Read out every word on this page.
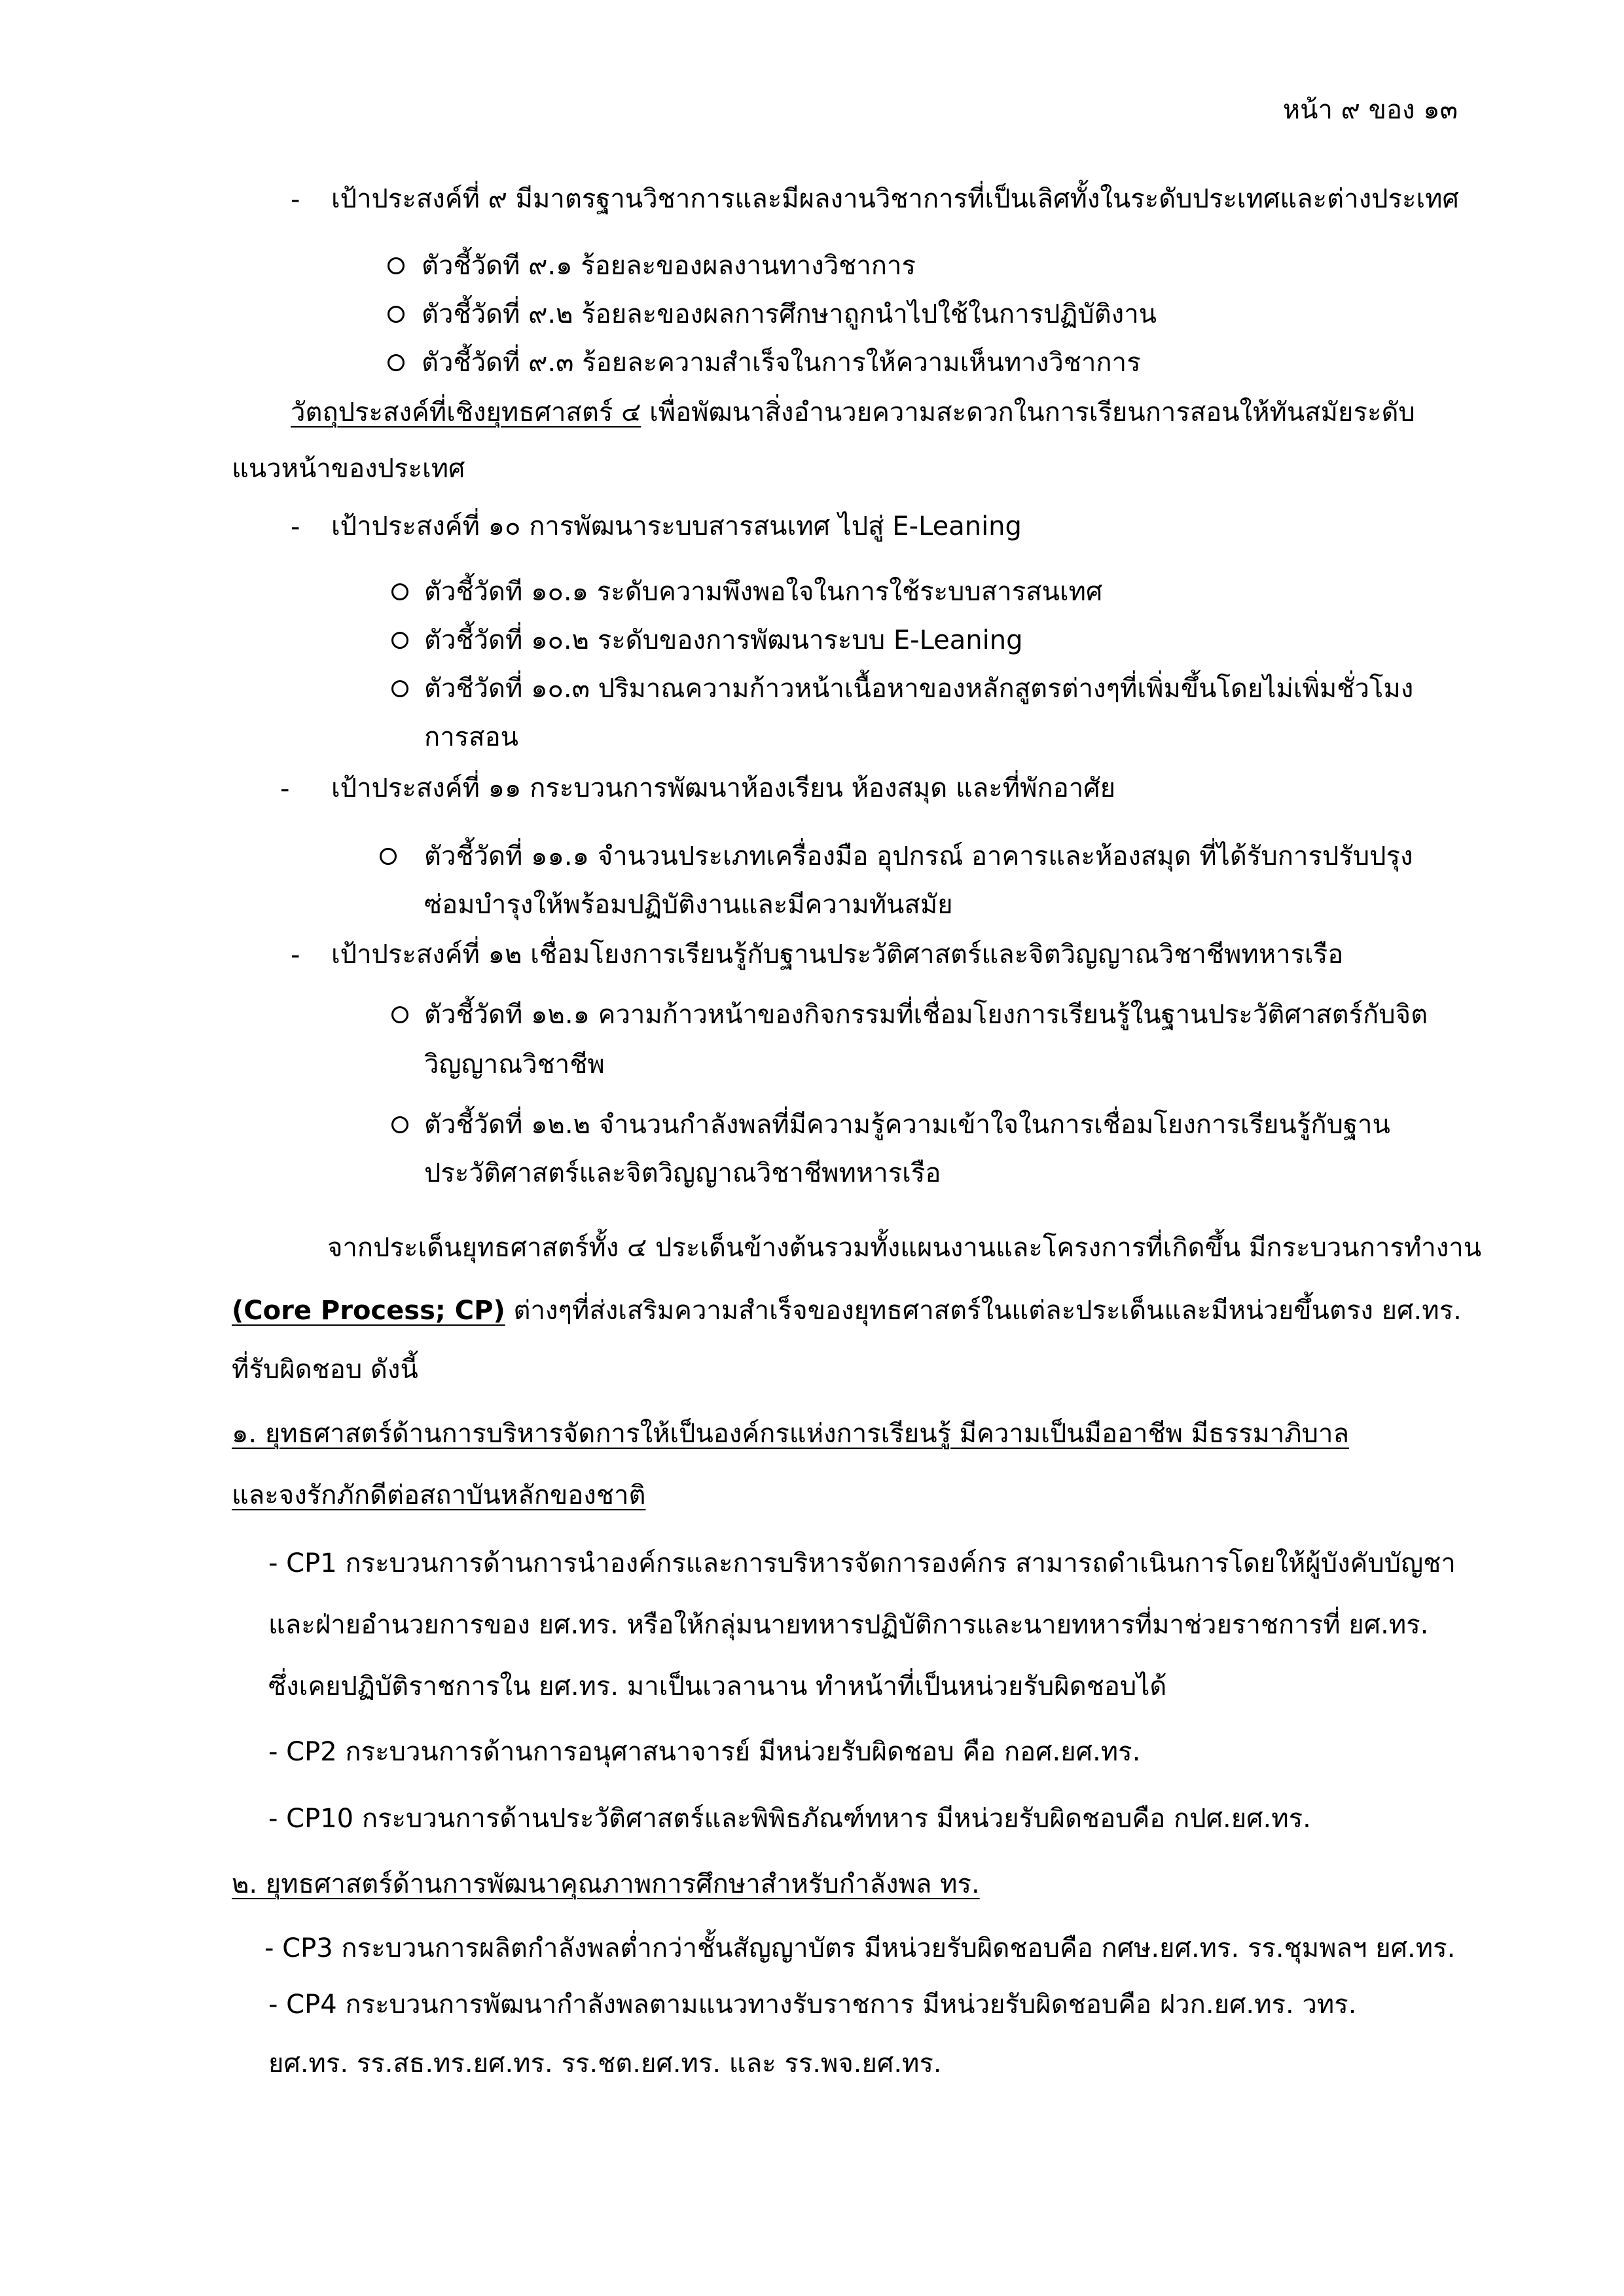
หน้า ๙ ของ ๑๓
- เป้าประสงค์ที่ ๙ มีมาตรฐานวิชาการและมีผลงานวิชาการที่เป็นเลิศทั้งในระดับประเทศและต่างประเทศ
ตัวชี้วัดที ๙.๑ ร้อยละของผลงานทางวิชาการ
ตัวชี้วัดที่ ๙.๒ ร้อยละของผลการศึกษาถูกนำไปใช้ในการปฏิบัติงาน
ตัวชี้วัดที่ ๙.๓ ร้อยละความสำเร็จในการให้ความเห็นทางวิชาการ
วัตถุประสงค์ที่เชิงยุทธศาสตร์ ๔ เพื่อพัฒนาสิ่งอำนวยความสะดวกในการเรียนการสอนให้ทันสมัยระดับ
แนวหน้าของประเทศ
- เป้าประสงค์ที่ ๑๐ การพัฒนาระบบสารสนเทศ ไปสู่ E-Leaning
ตัวชี้วัดที ๑๐.๑ ระดับความพึงพอใจในการใช้ระบบสารสนเทศ
ตัวชี้วัดที่ ๑๐.๒ ระดับของการพัฒนาระบบ E-Leaning
ตัวชีวัดที่ ๑๐.๓ ปริมาณความก้าวหน้าเนื้อหาของหลักสูตรต่างๆที่เพิ่มขึ้นโดยไม่เพิ่มชั่วโมง
การสอน
- เป้าประสงค์ที่ ๑๑ กระบวนการพัฒนาห้องเรียน ห้องสมุด และที่พักอาศัย
ตัวชี้วัดที่ ๑๑.๑ จำนวนประเภทเครื่องมือ อุปกรณ์ อาคารและห้องสมุด ที่ได้รับการปรับปรุง
ซ่อมบำรุงให้พร้อมปฏิบัติงานและมีความทันสมัย
- เป้าประสงค์ที่ ๑๒ เชื่อมโยงการเรียนรู้กับฐานประวัติศาสตร์และจิตวิญญาณวิชาชีพทหารเรือ
ตัวชี้วัดที ๑๒.๑ ความก้าวหน้าของกิจกรรมที่เชื่อมโยงการเรียนรู้ในฐานประวัติศาสตร์กับจิต
วิญญาณวิชาชีพ
ตัวชี้วัดที่ ๑๒.๒ จำนวนกำลังพลที่มีความรู้ความเข้าใจในการเชื่อมโยงการเรียนรู้กับฐาน
ประวัติศาสตร์และจิตวิญญาณวิชาชีพทหารเรือ
จากประเด็นยุทธศาสตร์ทั้ง ๔ ประเด็นข้างต้นรวมทั้งแผนงานและโครงการที่เกิดขึ้น มีกระบวนการทำงาน
(Core Process; CP) ต่างๆที่ส่งเสริมความสำเร็จของยุทธศาสตร์ในแต่ละประเด็นและมีหน่วยขึ้นตรง ยศ.ทร.
ที่รับผิดชอบ ดังนี้
๑. ยุทธศาสตร์ด้านการบริหารจัดการให้เป็นองค์กรแห่งการเรียนรู้ มีความเป็นมืออาชีพ มีธรรมาภิบาล
และจงรักภักดีต่อสถาบันหลักของชาติ
- CP1 กระบวนการด้านการนำองค์กรและการบริหารจัดการองค์กร สามารถดำเนินการโดยให้ผู้บังคับบัญชา
และฝ่ายอำนวยการของ ยศ.ทร. หรือให้กลุ่มนายทหารปฏิบัติการและนายทหารที่มาช่วยราชการที่ ยศ.ทร.
ซึ่งเคยปฏิบัติราชการใน ยศ.ทร. มาเป็นเวลานาน ทำหน้าที่เป็นหน่วยรับผิดชอบได้
- CP2 กระบวนการด้านการอนุศาสนาจารย์ มีหน่วยรับผิดชอบ คือ กอศ.ยศ.ทร.
- CP10 กระบวนการด้านประวัติศาสตร์และพิพิธภัณฑ์ทหาร มีหน่วยรับผิดชอบคือ กปศ.ยศ.ทร.
๒. ยุทธศาสตร์ด้านการพัฒนาคุณภาพการศึกษาสำหรับกำลังพล ทร.
- CP3 กระบวนการผลิตกำลังพลต่ำกว่าชั้นสัญญาบัตร มีหน่วยรับผิดชอบคือ กศษ.ยศ.ทร. รร.ชุมพลฯ ยศ.ทร.
- CP4 กระบวนการพัฒนากำลังพลตามแนวทางรับราชการ มีหน่วยรับผิดชอบคือ ฝวก.ยศ.ทร. วทร.
ยศ.ทร. รร.สธ.ทร.ยศ.ทร. รร.ชต.ยศ.ทร. และ รร.พจ.ยศ.ทร.
